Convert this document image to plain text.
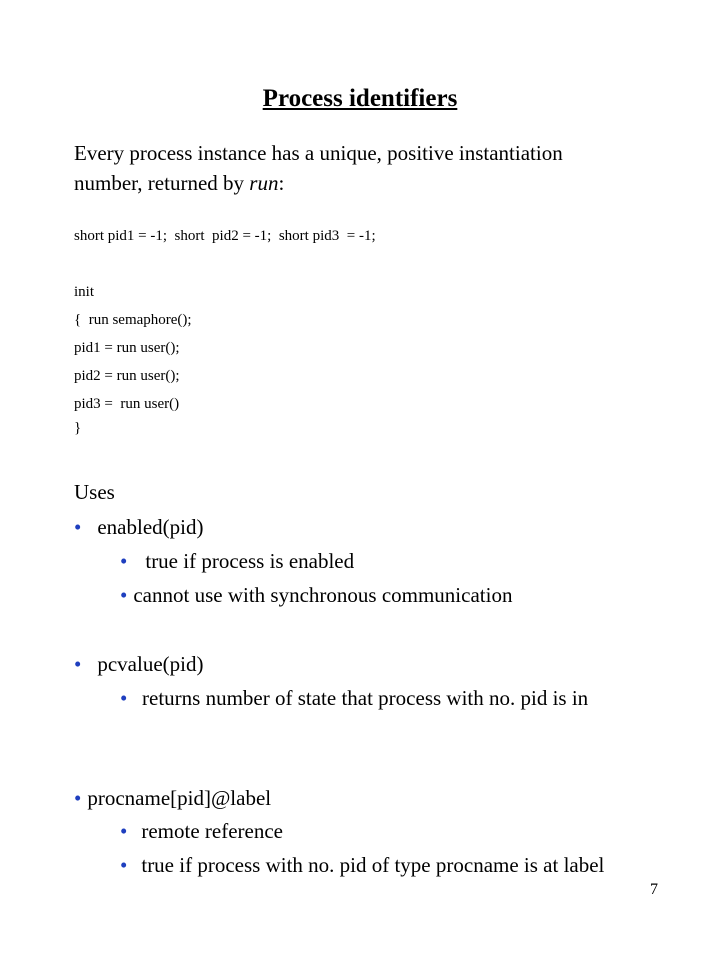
Process identifiers
Every process instance has a unique, positive instantiation number, returned by run:
short pid1 = -1;  short  pid2 = -1;  short pid3  = -1;
init
{  run semaphore();
pid1 = run user();
pid2 = run user();
pid3 =  run user()
}
Uses
• enabled(pid)
• true if process is enabled
• cannot use with synchronous communication
• pcvalue(pid)
• returns number of state that process with no. pid is in
• procname[pid]@label
• remote reference
• true if process with no. pid of type procname is at label
7
